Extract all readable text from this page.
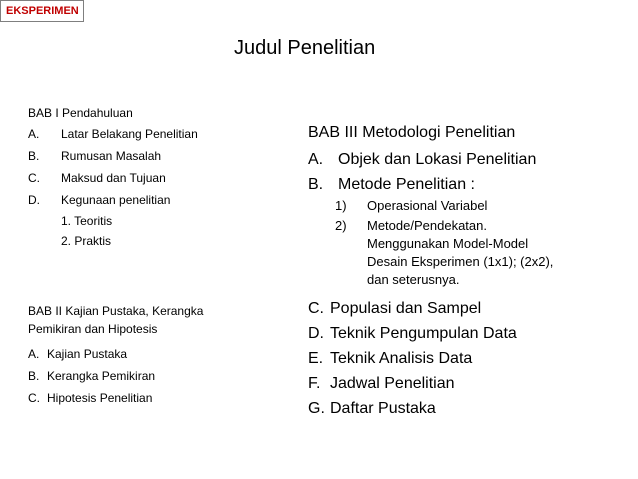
EKSPERIMEN
Judul Penelitian
BAB I Pendahuluan
A. Latar Belakang Penelitian
B. Rumusan Masalah
C. Maksud dan Tujuan
D. Kegunaan penelitian
1. Teoritis
2. Praktis
BAB II Kajian Pustaka, Kerangka Pemikiran dan Hipotesis
A. Kajian Pustaka
B. Kerangka Pemikiran
C. Hipotesis Penelitian
BAB III Metodologi Penelitian
A. Objek dan Lokasi Penelitian
B. Metode Penelitian :
1) Operasional Variabel
2) Metode/Pendekatan. Menggunakan Model-Model Desain Eksperimen (1x1); (2x2), dan seterusnya.
C. Populasi dan Sampel
D. Teknik Pengumpulan Data
E. Teknik Analisis Data
F. Jadwal Penelitian
G. Daftar Pustaka
